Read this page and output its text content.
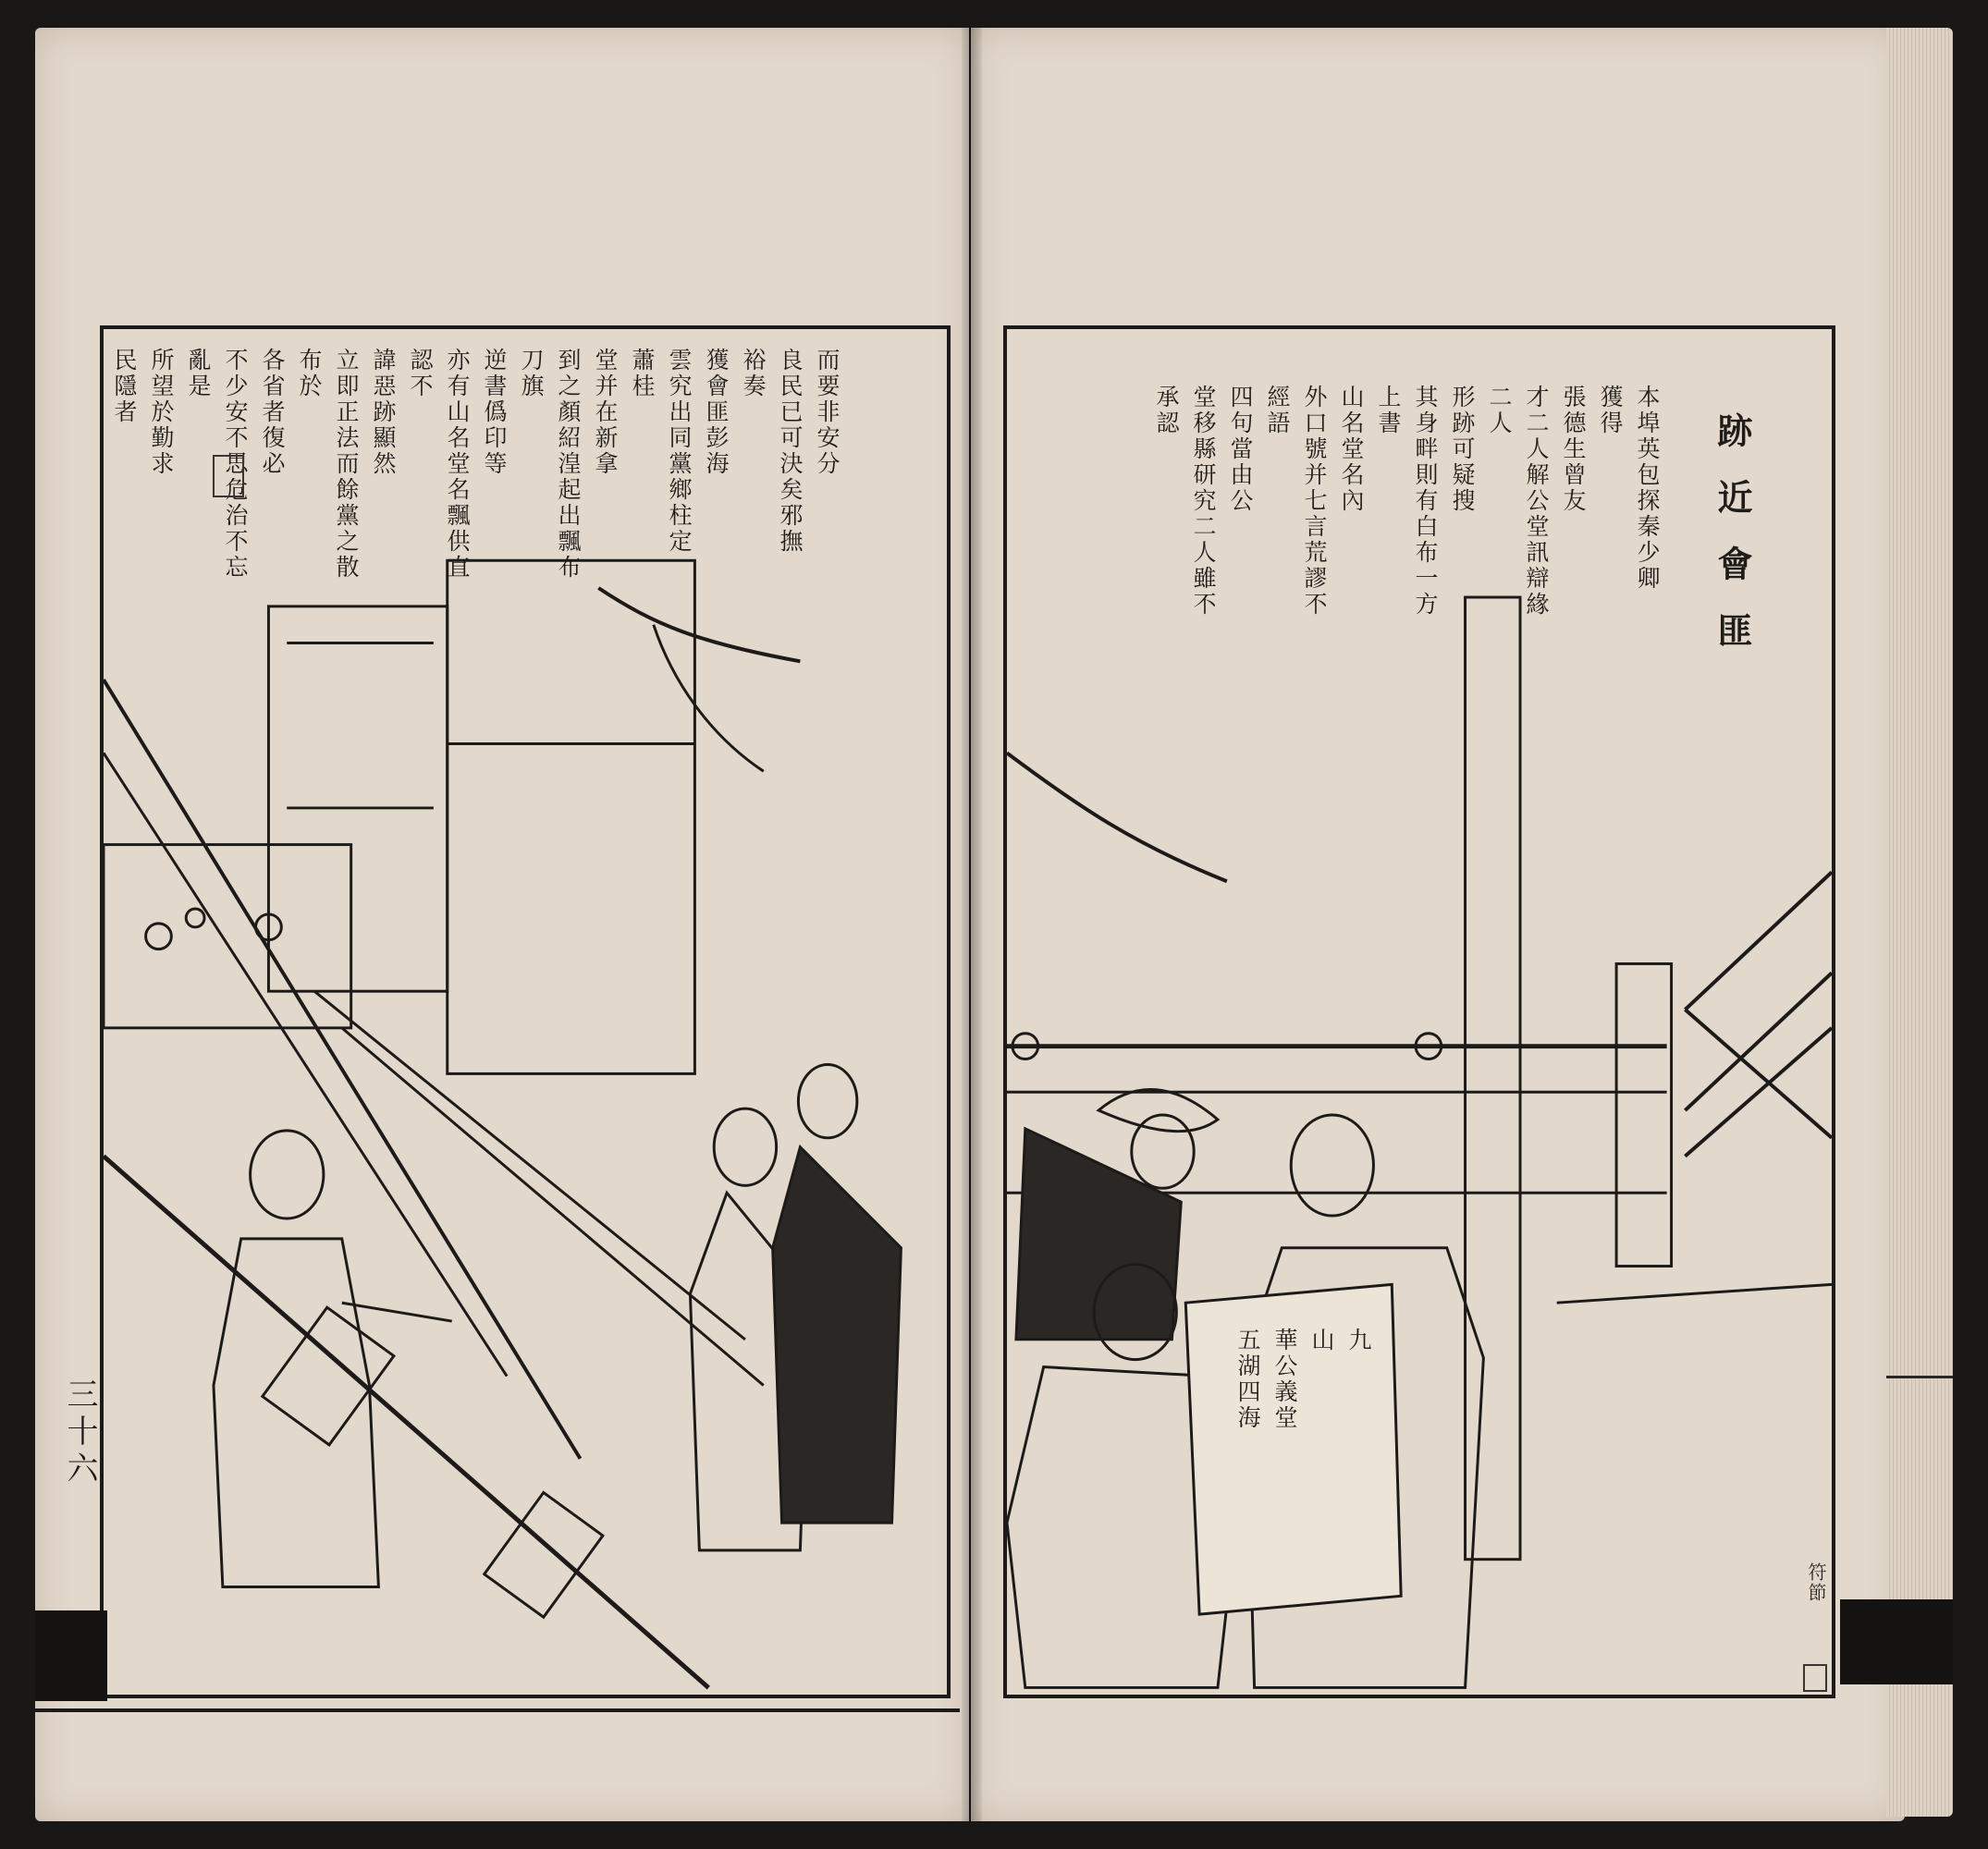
而要非安分
良民已可決矣邪撫
裕奏
獲會匪彭海
雲究出同黨鄉柱定
蕭桂
堂并在新拿
到之顏紹湟起出飄布
刀旗
逆書僞印等
亦有山名堂名飄供直
認不
諱惡跡顯然
立即正法而餘黨之散
布於
各省者復必
不少安不思危治不忘
亂是
所望於勤求
民隱者
九
山
華公義堂
五湖四海
跡近會匪
本埠英包探秦少卿
獲得
張德生曾友
才二人解公堂訊辯緣
二人
形跡可疑搜
其身畔則有白布一方
上書
山名堂名內
外口號并七言荒謬不
經語
四句當由公
堂移縣研究二人雖不
承認
符節
三十六
